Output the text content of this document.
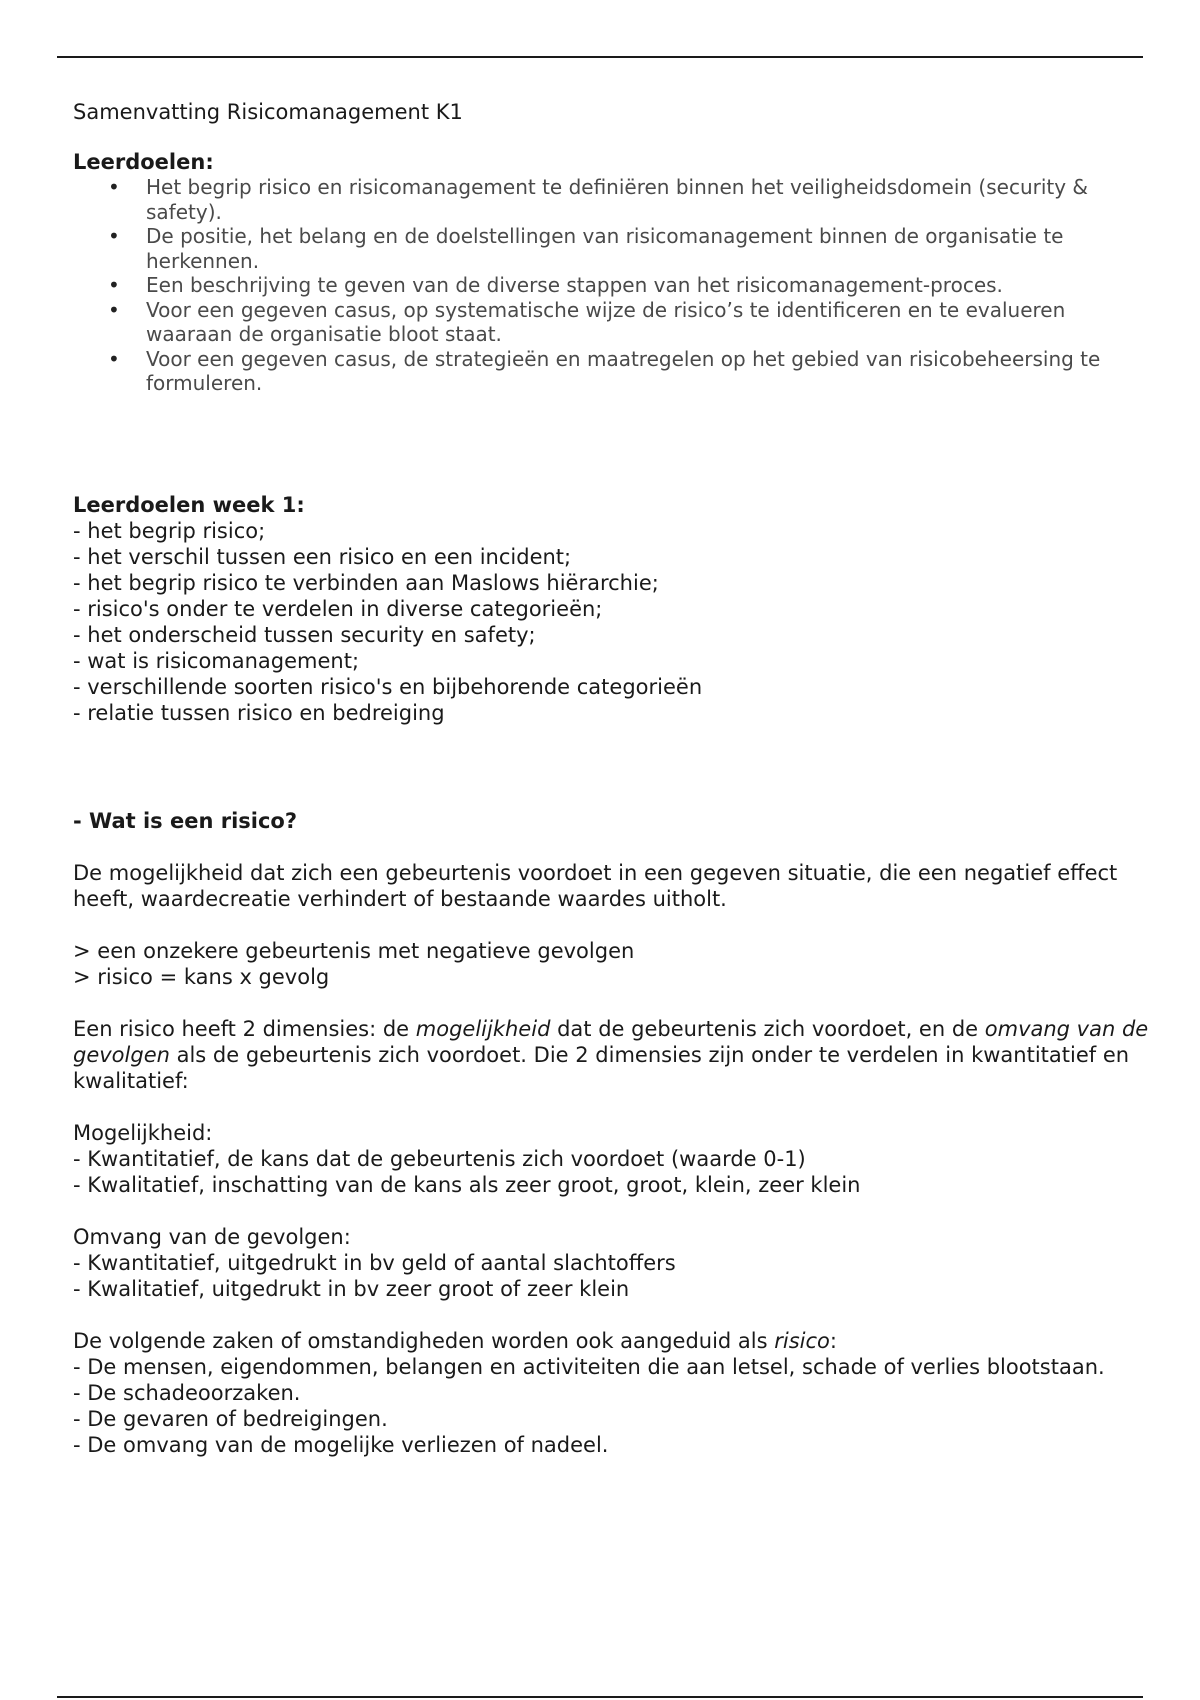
Samenvatting Risicomanagement K1

Leerdoelen:

• Het begrip risico en risicomanagement te definiëren binnen het veiligheidsdomein (security & safety).
• De positie, het belang en de doelstellingen van risicomanagement binnen de organisatie te herkennen.
• Een beschrijving te geven van de diverse stappen van het risicomanagement-proces.
• Voor een gegeven casus, op systematische wijze de risico’s te identificeren en te evalueren waaraan de organisatie bloot staat.
• Voor een gegeven casus, de strategieën en maatregelen op het gebied van risicobeheersing te formuleren.

Leerdoelen week 1:

- het begrip risico;

- het verschil tussen een risico en een incident;

- het begrip risico te verbinden aan Maslows hiërarchie;

- risico's onder te verdelen in diverse categorieën;

- het onderscheid tussen security en safety;

- wat is risicomanagement;

- verschillende soorten risico's en bijbehorende categorieën

- relatie tussen risico en bedreiging

- Wat is een risico?

De mogelijkheid dat zich een gebeurtenis voordoet in een gegeven situatie, die een negatief effect heeft, waardecreatie verhindert of bestaande waardes uitholt.

> een onzekere gebeurtenis met negatieve gevolgen

> risico = kans x gevolg

Een risico heeft 2 dimensies: de mogelijkheid dat de gebeurtenis zich voordoet, en de omvang van de gevolgen als de gebeurtenis zich voordoet. Die 2 dimensies zijn onder te verdelen in kwantitatief en kwalitatief:

Mogelijkheid:

- Kwantitatief, de kans dat de gebeurtenis zich voordoet (waarde 0-1)

- Kwalitatief, inschatting van de kans als zeer groot, groot, klein, zeer klein

Omvang van de gevolgen:

- Kwantitatief, uitgedrukt in bv geld of aantal slachtoffers

- Kwalitatief, uitgedrukt in bv zeer groot of zeer klein

De volgende zaken of omstandigheden worden ook aangeduid als risico:

- De mensen, eigendommen, belangen en activiteiten die aan letsel, schade of verlies blootstaan.

- De schadeoorzaken.

- De gevaren of bedreigingen.

- De omvang van de mogelijke verliezen of nadeel.
